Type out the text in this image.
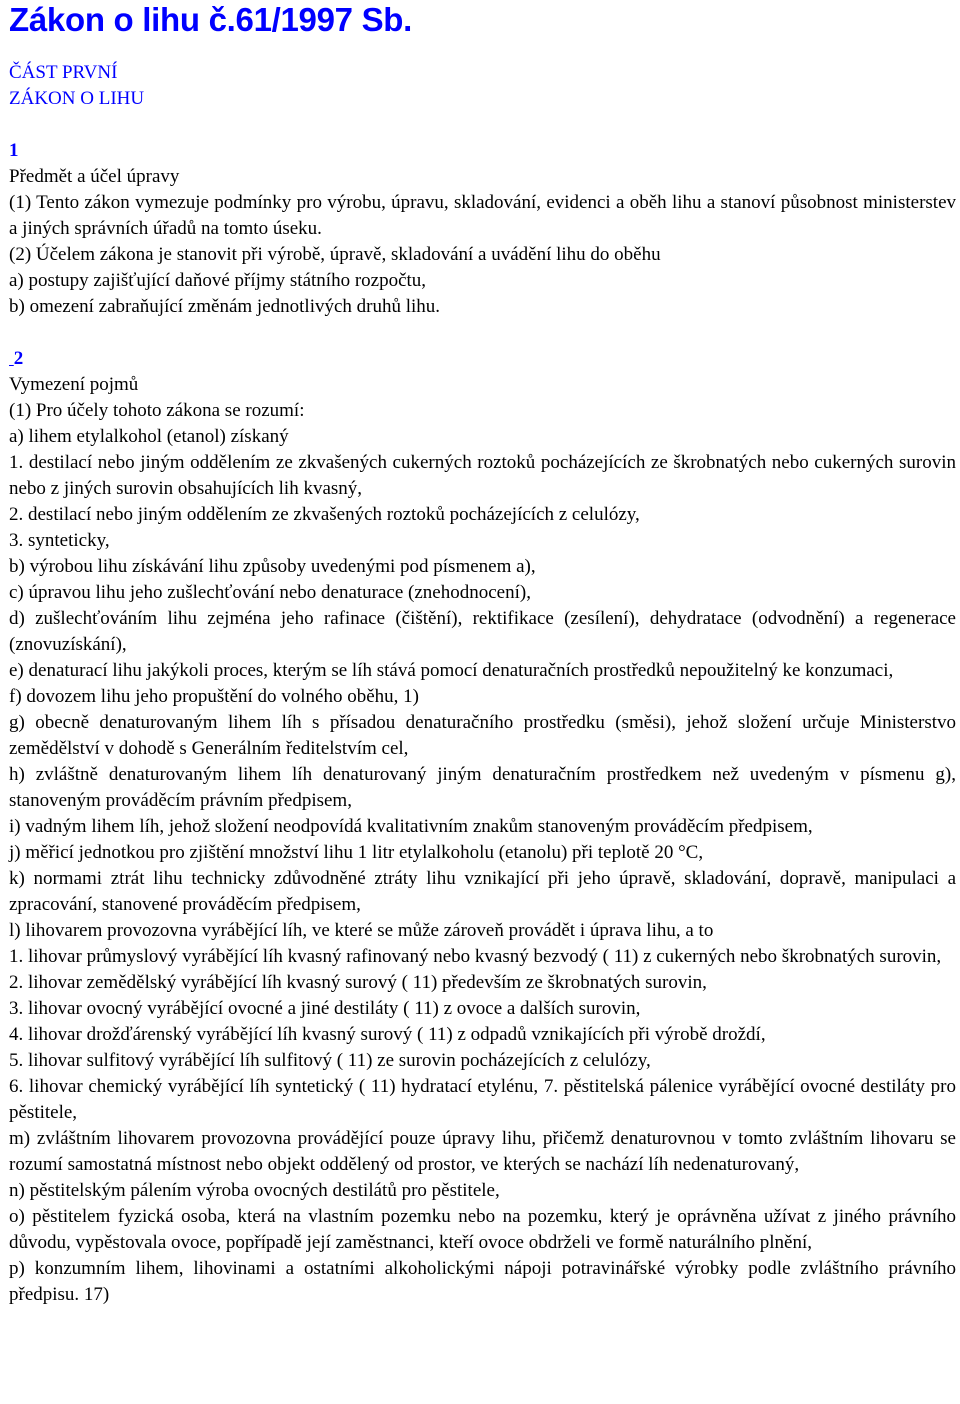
Zákon o lihu č.61/1997 Sb.
ČÁST PRVNÍ
ZÁKON O LIHU
1

Předmět a účel úpravy

(1) Tento zákon vymezuje podmínky pro výrobu, úpravu, skladování, evidenci a oběh lihu a stanoví působnost ministerstev a jiných správních úřadů na tomto úseku.

(2) Účelem zákona je stanovit při výrobě, úpravě, skladování a uvádění lihu do oběhu

a) postupy zajišťující daňové příjmy státního rozpočtu,

b) omezení zabraňující změnám jednotlivých druhů lihu.

2

Vymezení pojmů

(1) Pro účely tohoto zákona se rozumí:

a) lihem etylalkohol (etanol) získaný

1. destilací nebo jiným oddělením ze zkvašených cukerných roztoků pocházejících ze škrobnatých nebo cukerných surovin nebo z jiných surovin obsahujících lih kvasný,

2. destilací nebo jiným oddělením ze zkvašených roztoků pocházejících z celulózy,

3. synteticky,

b) výrobou lihu získávání lihu způsoby uvedenými pod písmenem a),

c) úpravou lihu jeho zušlechťování nebo denaturace (znehodnocení),

d) zušlechťováním lihu zejména jeho rafinace (čištění), rektifikace (zesílení), dehydratace (odvodnění) a regenerace (znovuzískání),

e) denaturací lihu jakýkoli proces, kterým se líh stává pomocí denaturačních prostředků nepoužitelný ke konzumaci,

f) dovozem lihu jeho propuštění do volného oběhu, 1)

g) obecně denaturovaným lihem líh s přísadou denaturačního prostředku (směsi), jehož složení určuje Ministerstvo zemědělství v dohodě s Generálním ředitelstvím cel,

h) zvláštně denaturovaným lihem líh denaturovaný jiným denaturačním prostředkem než uvedeným v písmenu g), stanoveným prováděcím právním předpisem,

i) vadným lihem líh, jehož složení neodpovídá kvalitativním znakům stanoveným prováděcím předpisem,

j) měřicí jednotkou pro zjištění množství lihu 1 litr etylalkoholu (etanolu) při teplotě 20 °C,

k) normami ztrát lihu technicky zdůvodněné ztráty lihu vznikající při jeho úpravě, skladování, dopravě, manipulaci a zpracování, stanovené prováděcím předpisem,

l) lihovarem provozovna vyrábějící líh, ve které se může zároveň provádět i úprava lihu, a to

1. lihovar průmyslový vyrábějící líh kvasný rafinovaný nebo kvasný bezvodý ( 11) z cukerných nebo škrobnatých surovin,

2. lihovar zemědělský vyrábějící líh kvasný surový ( 11) především ze škrobnatých surovin,

3. lihovar ovocný vyrábějící ovocné a jiné destiláty ( 11) z ovoce a dalších surovin,

4. lihovar drožďárenský vyrábějící líh kvasný surový ( 11) z odpadů vznikajících při výrobě droždí,

5. lihovar sulfitový vyrábějící líh sulfitový ( 11) ze surovin pocházejících z celulózy,

6. lihovar chemický vyrábějící líh syntetický ( 11) hydratací etylénu, 7. pěstitelská pálenice vyrábějící ovocné destiláty pro pěstitele,

m) zvláštním lihovarem provozovna provádějící pouze úpravy lihu, přičemž denaturovnou v tomto zvláštním lihovaru se rozumí samostatná místnost nebo objekt oddělený od prostor, ve kterých se nachází líh nedenaturovaný,

n) pěstitelským pálením výroba ovocných destilátů pro pěstitele,

o) pěstitelem fyzická osoba, která na vlastním pozemku nebo na pozemku, který je oprávněna užívat z jiného právního důvodu, vypěstovala ovoce, popřípadě její zaměstnanci, kteří ovoce obdrželi ve formě naturálního plnění,

p) konzumním lihem, lihovinami a ostatními alkoholickými nápoji potravinářské výrobky podle zvláštního právního předpisu. 17)
